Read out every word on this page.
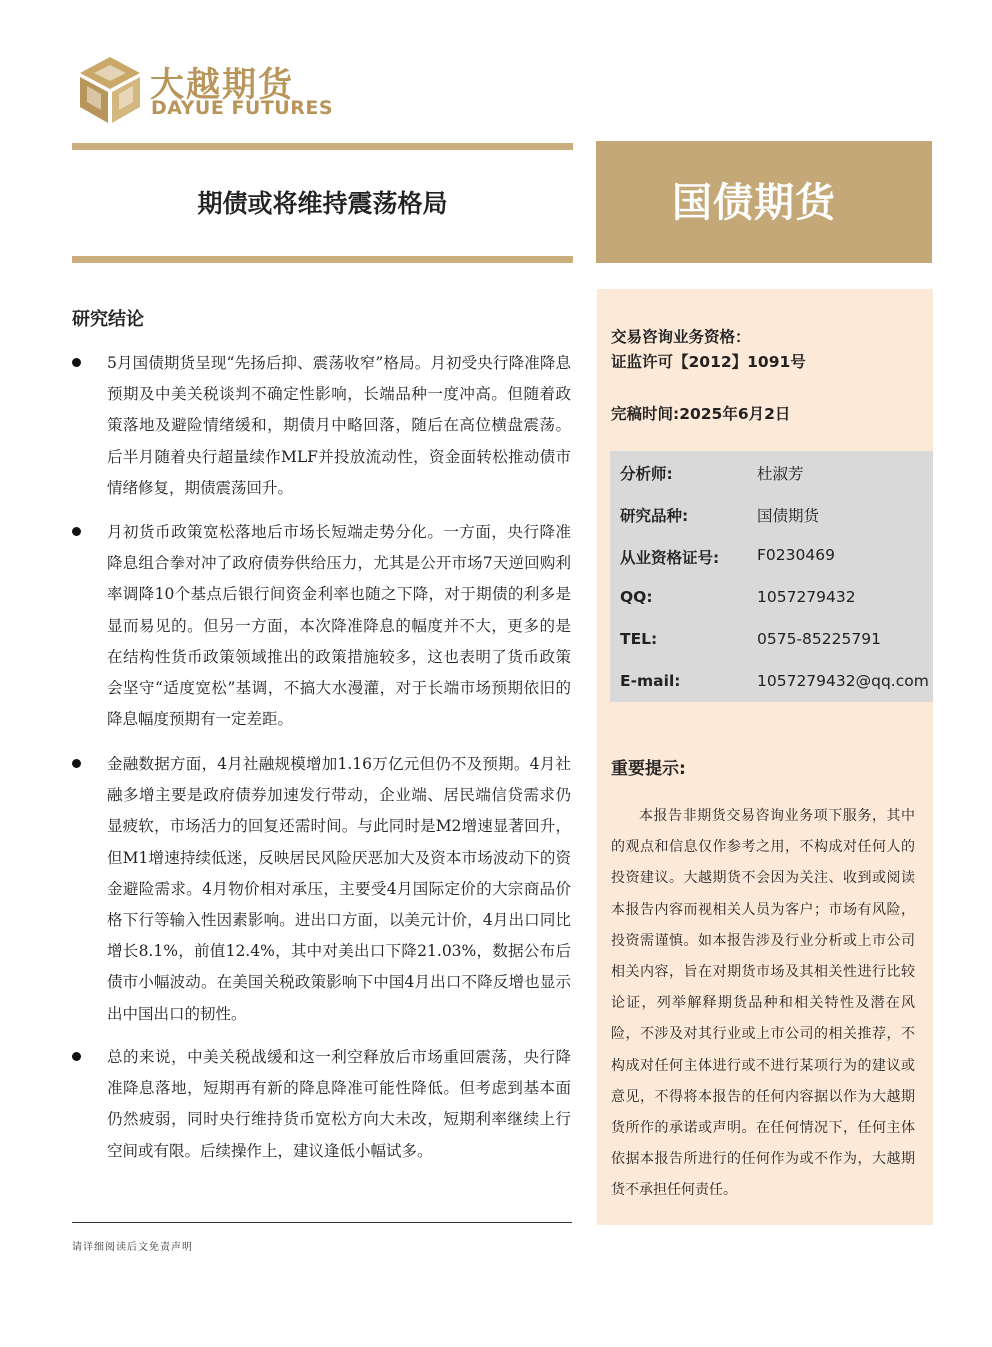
大越期货
DAYUE FUTURES
期债或将维持震荡格局	国债期货
研究结论
5月国债期货呈现“先扬后抑、震荡收窄”格局。月初受央行降准降息预期及中美关税谈判不确定性影响，长端品种一度冲高。但随着政策落地及避险情绪缓和，期债月中略回落，随后在高位横盘震荡。后半月随着央行超量续作MLF并投放流动性，资金面转松推动债市情绪修复，期债震荡回升。
月初货币政策宽松落地后市场长短端走势分化。一方面，央行降准降息组合拳对冲了政府债券供给压力，尤其是公开市场7天逆回购利率调降10个基点后银行间资金利率也随之下降，对于期债的利多是显而易见的。但另一方面，本次降准降息的幅度并不大，更多的是在结构性货币政策领域推出的政策措施较多，这也表明了货币政策会坚守“适度宽松”基调，不搞大水漫灌，对于长端市场预期依旧的降息幅度预期有一定差距。
金融数据方面，4月社融规模增加1.16万亿元但仍不及预期。4月社融多增主要是政府债券加速发行带动，企业端、居民端信贷需求仍显疲软，市场活力的回复还需时间。与此同时是M2增速显著回升，但M1增速持续低迷，反映居民风险厌恶加大及资本市场波动下的资金避险需求。4月物价相对承压，主要受4月国际定价的大宗商品价格下行等输入性因素影响。进出口方面，以美元计价，4月出口同比增长8.1%，前值12.4%，其中对美出口下降21.03%，数据公布后债市小幅波动。在美国关税政策影响下中国4月出口不降反增也显示出中国出口的韧性。
总的来说，中美关税战缓和这一利空释放后市场重回震荡，央行降准降息落地，短期再有新的降息降准可能性降低。但考虑到基本面仍然疲弱，同时央行维持货币宽松方向大未改，短期利率继续上行空间或有限。后续操作上，建议逢低小幅试多。
请详细阅读后文免责声明
交易咨询业务资格：
证监许可【2012】1091号
完稿时间:2025年6月2日
分析师:	杜淑芳
研究品种:	国债期货
从业资格证号: F0230469
QQ:	1057279432
TEL:	0575-85225791
E-mail:	1057279432@qq.com
重要提示:
本报告非期货交易咨询业务项下服务，其中的观点和信息仅作参考之用，不构成对任何人的投资建议。大越期货不会因为关注、收到或阅读本报告内容而视相关人员为客户；市场有风险，投资需谨慎。如本报告涉及行业分析或上市公司相关内容，旨在对期货市场及其相关性进行比较论证，列举解释期货品种和相关特性及潜在风险，不涉及对其行业或上市公司的相关推荐，不构成对任何主体进行或不进行某项行为的建议或意见，不得将本报告的任何内容据以作为大越期货所作的承诺或声明。在任何情况下，任何主体依据本报告所进行的任何作为或不作为，大越期货不承担任何责任。
